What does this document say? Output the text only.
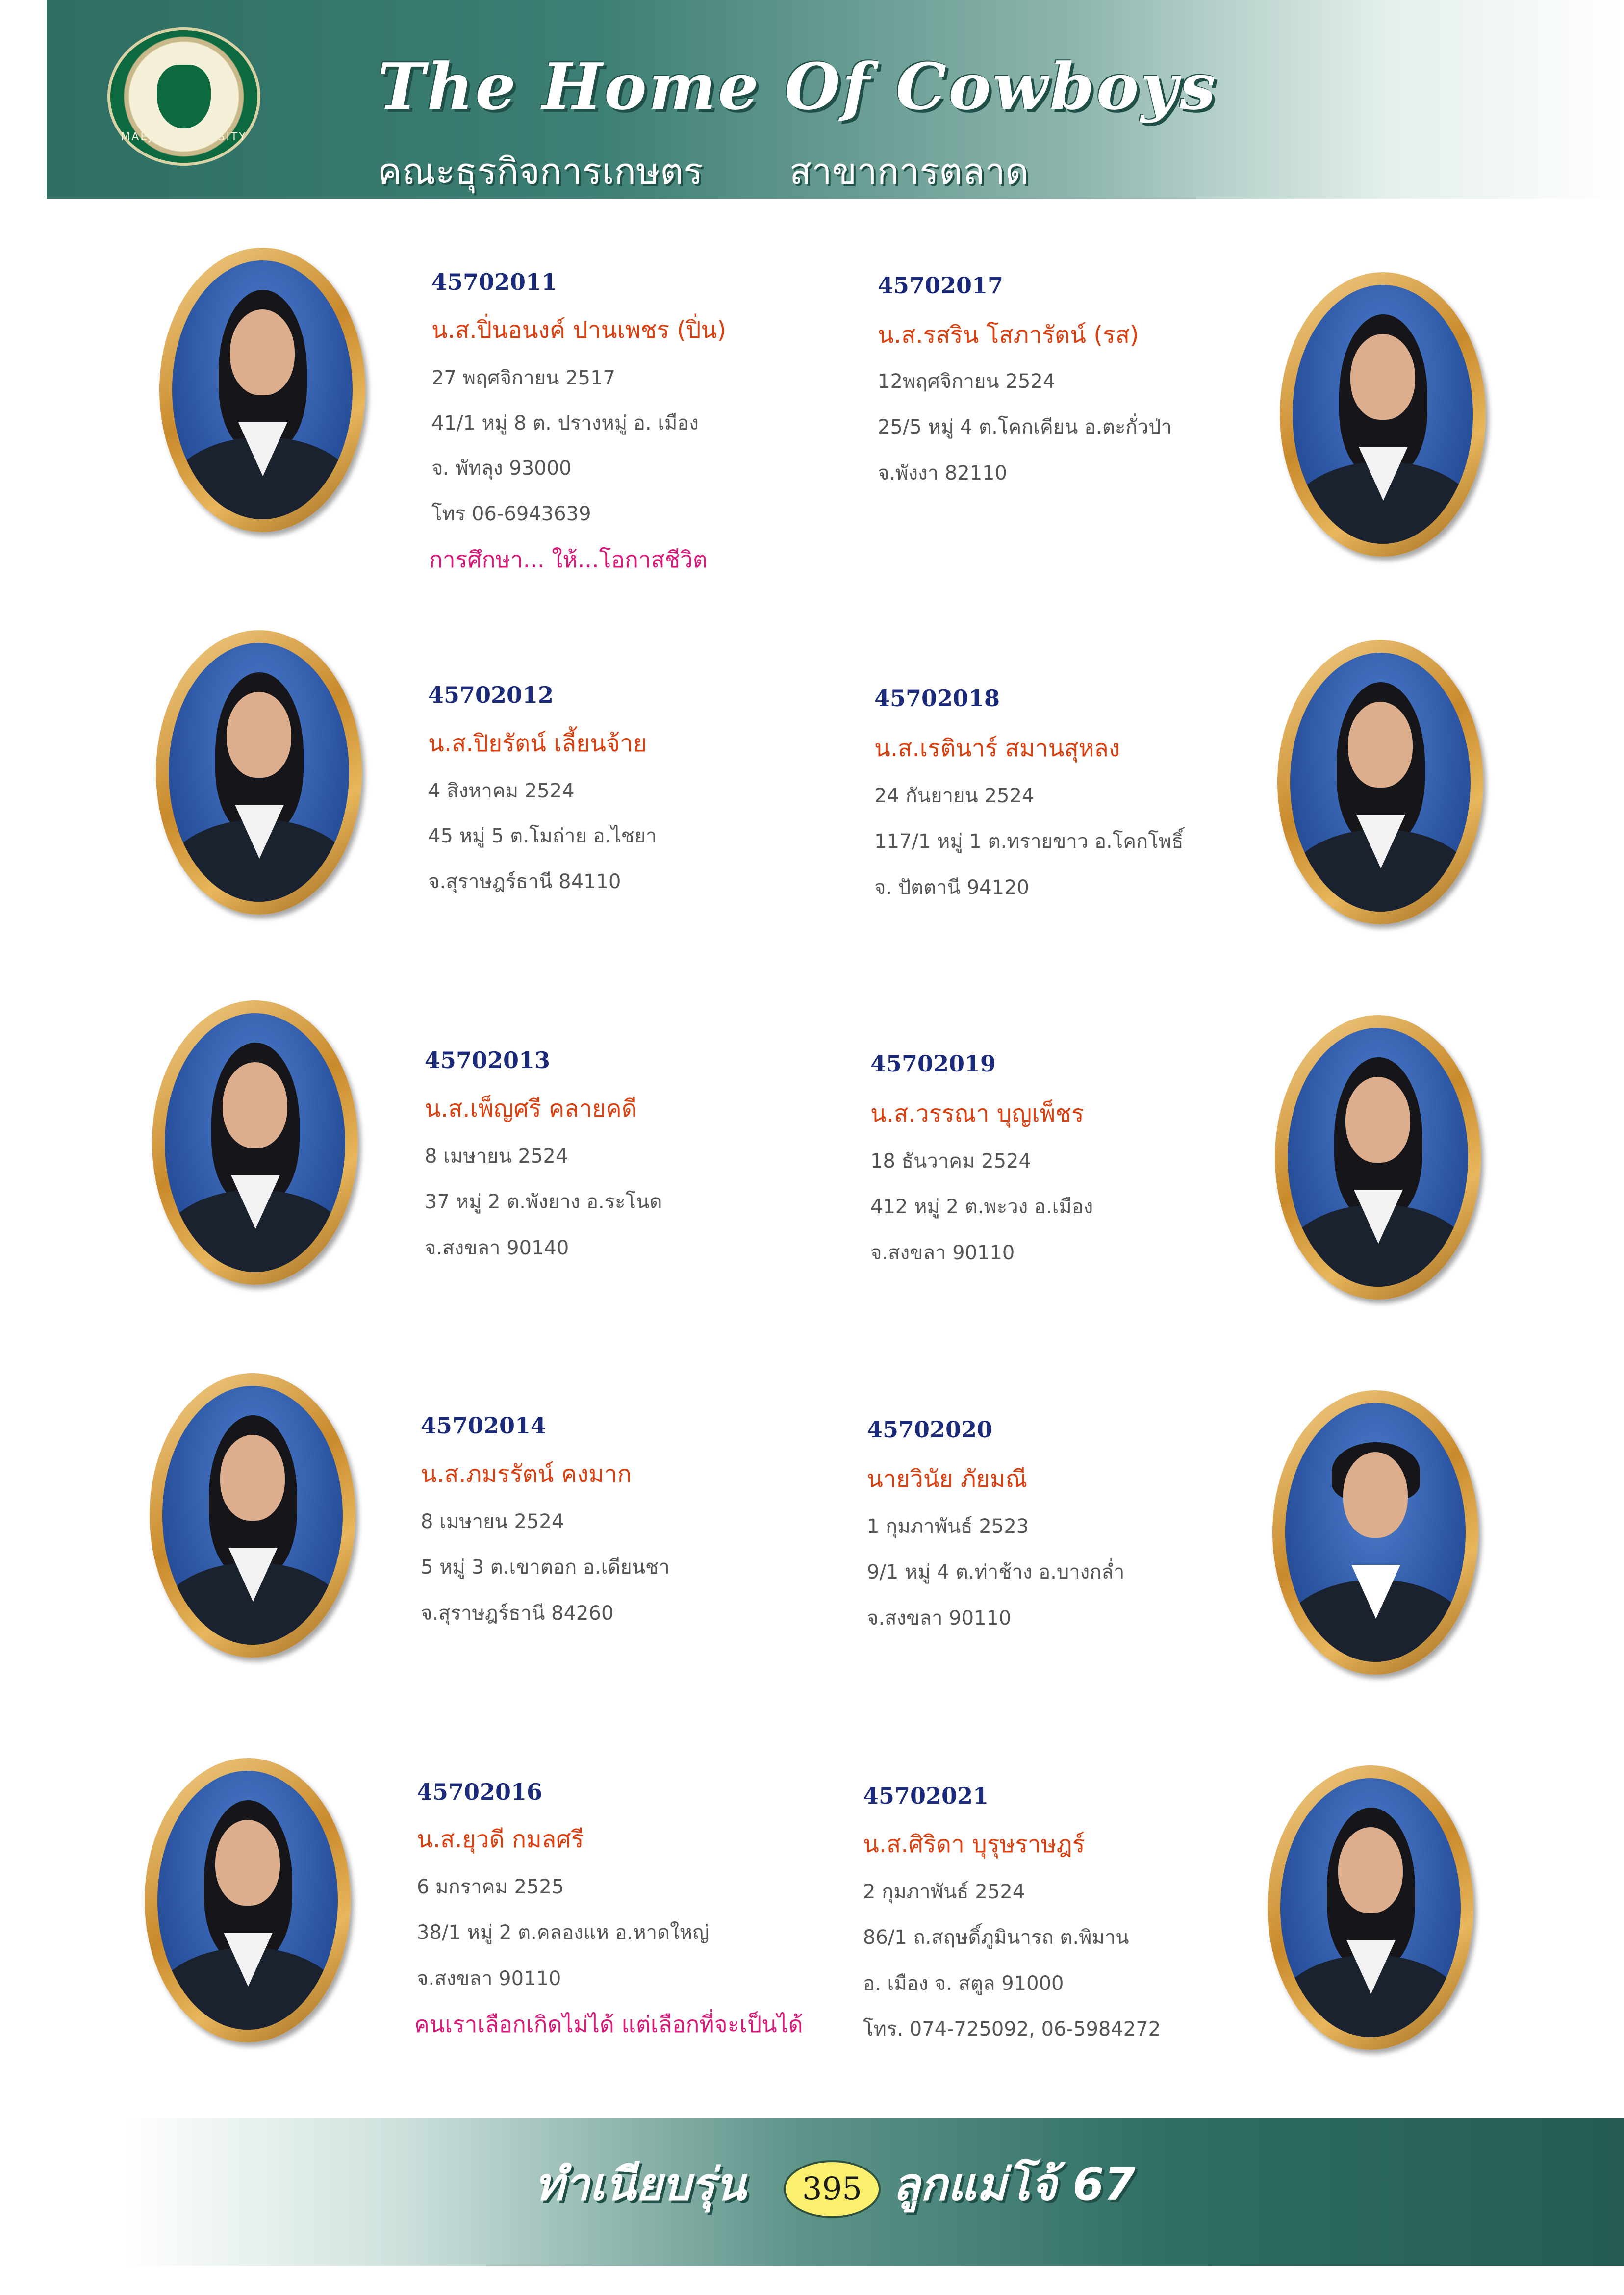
MAEJO UNIVERSITY
The Home Of Cowboys
คณะธุรกิจการเกษตร สาขาการตลาด
45702011
น.ส.ปิ่นอนงค์ ปานเพชร (ปิ่น)
27 พฤศจิกายน 2517
41/1 หมู่ 8 ต. ปรางหมู่ อ. เมือง
จ. พัทลุง 93000
โทร 06-6943639
การศึกษา... ให้...โอกาสชีวิต
45702017
น.ส.รสริน โสภารัตน์ (รส)
12พฤศจิกายน 2524
25/5 หมู่ 4 ต.โคกเคียน อ.ตะกั่วป่า
จ.พังงา 82110
45702012
น.ส.ปิยรัตน์ เลี้ยนจ้าย
4 สิงหาคม 2524
45 หมู่ 5 ต.โมถ่าย อ.ไชยา
จ.สุราษฎร์ธานี 84110
45702018
น.ส.เรตินาร์ สมานสุหลง
24 กันยายน 2524
117/1 หมู่ 1 ต.ทรายขาว อ.โคกโพธิ์
จ. ปัตตานี 94120
45702013
น.ส.เพ็ญศรี คลายคดี
8 เมษายน 2524
37 หมู่ 2 ต.พังยาง อ.ระโนด
จ.สงขลา 90140
45702019
น.ส.วรรณา บุญเพ็ชร
18 ธันวาคม 2524
412 หมู่ 2 ต.พะวง อ.เมือง
จ.สงขลา 90110
45702014
น.ส.ภมรรัตน์ คงมาก
8 เมษายน 2524
5 หมู่ 3 ต.เขาตอก อ.เดียนชา
จ.สุราษฎร์ธานี 84260
45702020
นายวินัย ภัยมณี
1 กุมภาพันธ์ 2523
9/1 หมู่ 4 ต.ท่าช้าง อ.บางกล่ำ
จ.สงขลา 90110
45702016
น.ส.ยุวดี กมลศรี
6 มกราคม 2525
38/1 หมู่ 2 ต.คลองแห อ.หาดใหญ่
จ.สงขลา 90110
คนเราเลือกเกิดไม่ได้ แต่เลือกที่จะเป็นได้
45702021
น.ส.ศิริดา บุรุษราษฎร์
2 กุมภาพันธ์ 2524
86/1 ถ.สฤษดิ์ภูมินารถ ต.พิมาน
อ. เมือง จ. สตูล 91000
โทร. 074-725092, 06-5984272
ทำเนียบรุ่น	395 ลูกแม่โจ้ 67
